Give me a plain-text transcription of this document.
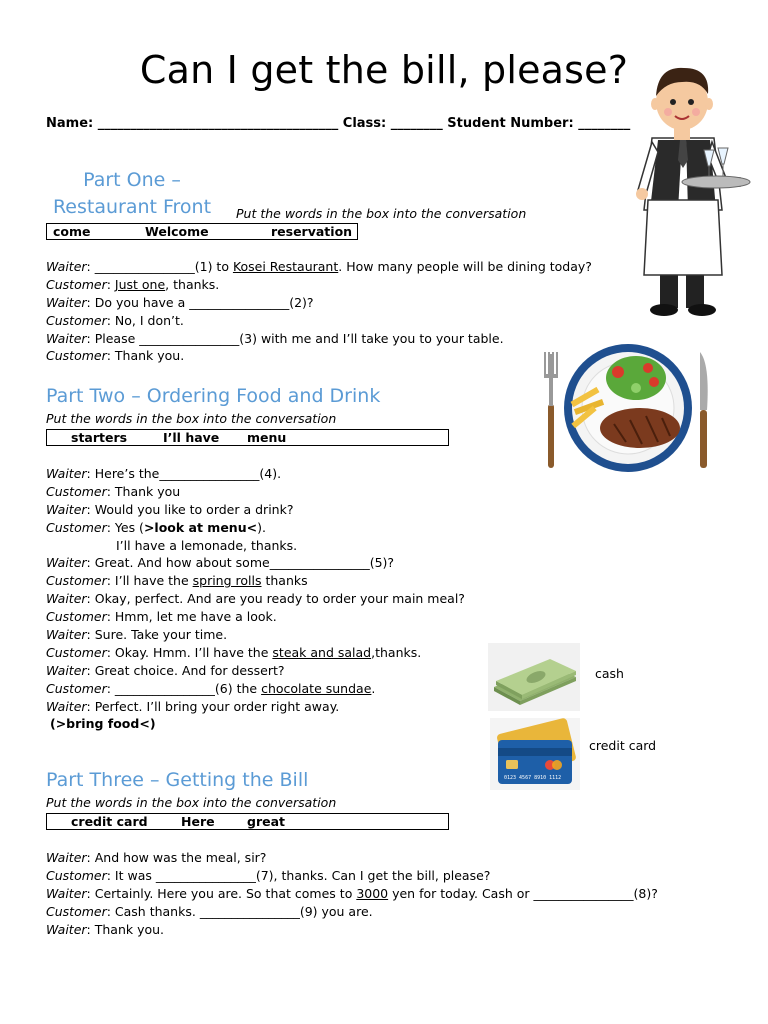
Can I get the bill, please?
Name: _____________________________________ Class: ________ Student Number: ________
Part One –
Restaurant Front Put the words in the box into the conversation
come	Welcome	reservation
Waiter: ________________(1) to Kosei Restaurant. How many people will be dining today?
Customer: Just one, thanks.
Waiter: Do you have a ________________(2)?
Customer: No, I don’t.
Waiter: Please ________________(3) with me and I’ll take you to your table.
Customer: Thank you.
Part Two – Ordering Food and Drink
Put the words in the box into the conversation
starters	I’ll have menu
Waiter: Here’s the________________(4).
Customer: Thank you
Waiter: Would you like to order a drink?
Customer: Yes (>look at menu<).
I’ll have a lemonade, thanks.
Waiter: Great. And how about some________________(5)?
Customer: I’ll have the spring rolls thanks
Waiter: Okay, perfect. And are you ready to order your main meal?
Customer: Hmm, let me have a look.
Waiter: Sure. Take your time.
Customer: Okay. Hmm. I’ll have the steak and salad,thanks.
Waiter: Great choice. And for dessert?
Customer: ________________(6) the chocolate sundae.
Waiter: Perfect. I’ll bring your order right away.
(>bring food<)
cash
0123 4567 8910 1112
credit card
Part Three – Getting the Bill
Put the words in the box into the conversation
credit card	Here	great
Waiter: And how was the meal, sir?
Customer: It was ________________(7), thanks. Can I get the bill, please?
Waiter: Certainly. Here you are. So that comes to 3000 yen for today. Cash or ________________(8)?
Customer: Cash thanks. ________________(9) you are.
Waiter: Thank you.
